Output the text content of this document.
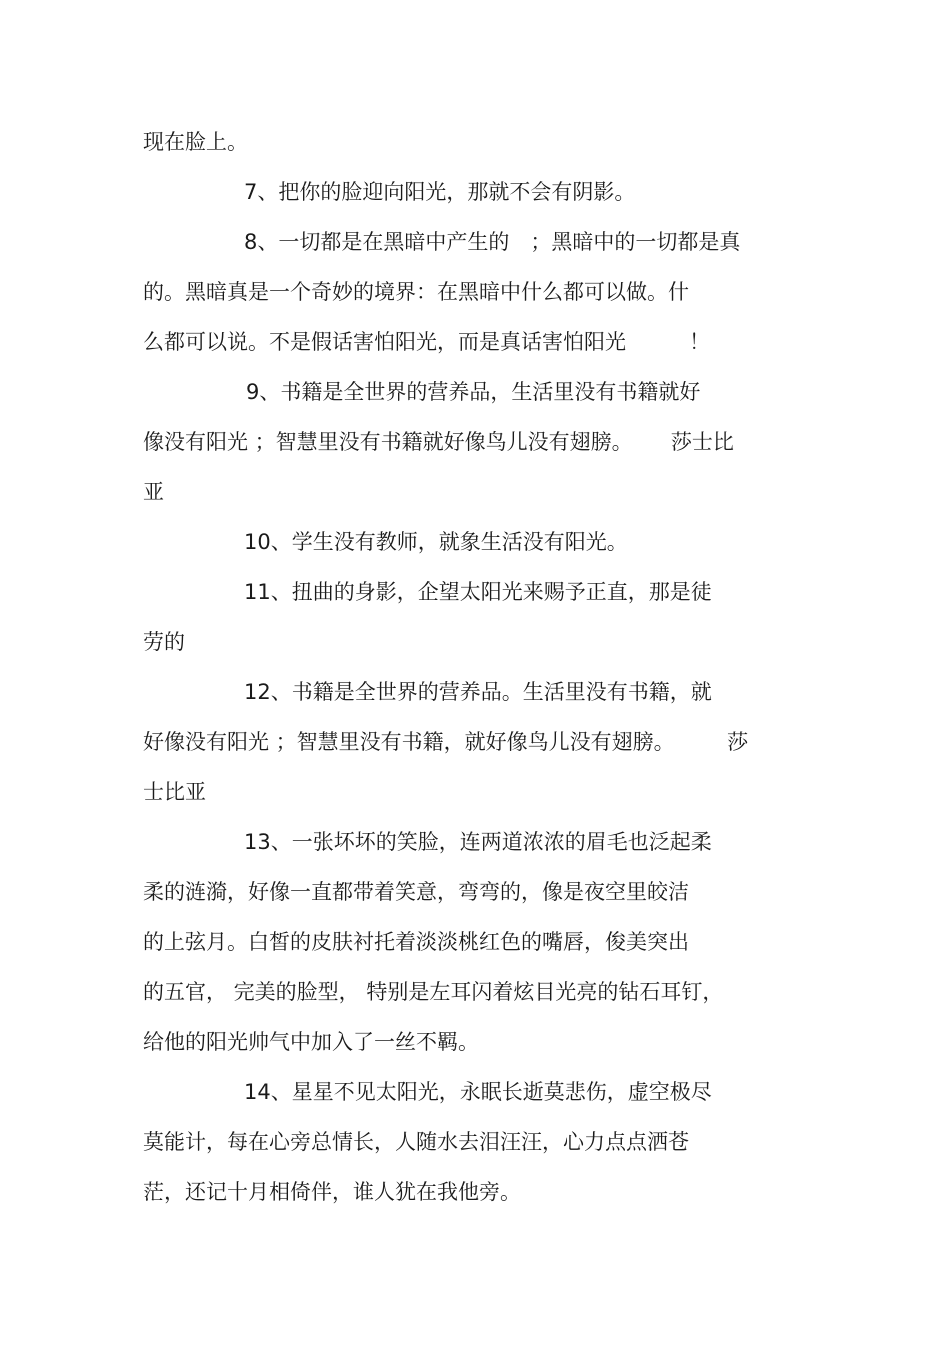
现在脸上。
7、把你的脸迎向阳光，那就不会有阴影。
8、一切都是在黑暗中产生的　；黑暗中的一切都是真
的。黑暗真是一个奇妙的境界：在黑暗中什么都可以做。什
么都可以说。不是假话害怕阳光，而是真话害怕阳光　　　！
9、书籍是全世界的营养品，生活里没有书籍就好
像没有阳光 ；智慧里没有书籍就好像鸟儿没有翅膀。　　 莎士比
亚
10、学生没有教师，就象生活没有阳光。
11、扭曲的身影，企望太阳光来赐予正直，那是徒
劳的
12、书籍是全世界的营养品。生活里没有书籍，就
好像没有阳光 ；智慧里没有书籍，就好像鸟儿没有翅膀。　　　莎
士比亚
13、一张坏坏的笑脸，连两道浓浓的眉毛也泛起柔
柔的涟漪，好像一直都带着笑意，弯弯的，像是夜空里皎洁
的上弦月。白皙的皮肤衬托着淡淡桃红色的嘴唇，俊美突出
的五官， 完美的脸型， 特别是左耳闪着炫目光亮的钻石耳钉，
给他的阳光帅气中加入了一丝不羁。
14、星星不见太阳光，永眠长逝莫悲伤，虚空极尽
莫能计，每在心旁总情长，人随水去泪汪汪，心力点点洒苍
茫，还记十月相倚伴，谁人犹在我他旁。
